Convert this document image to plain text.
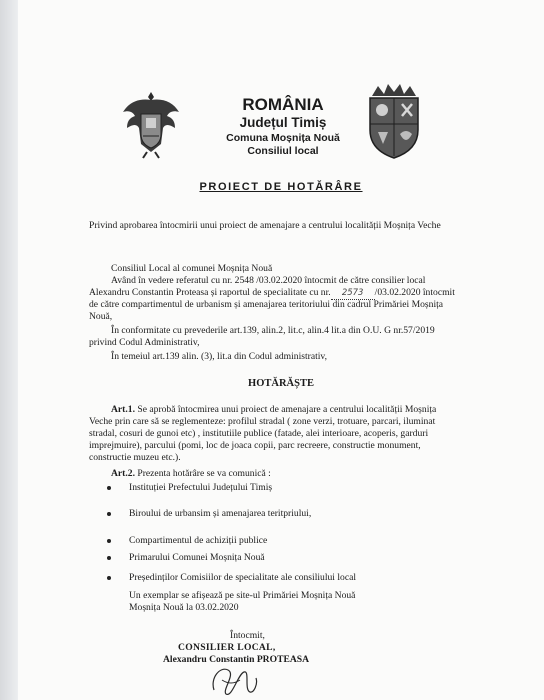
ROMÂNIA
Județul Timiș
Comuna Moșnița Nouă
Consiliul local
PROIECT DE HOTĂRÂRE
Privind aprobarea întocmirii unui proiect de amenajare a centrului localității Moșnița Veche
Consiliul Local al comunei Moșnița Nouă
Având în vedere referatul cu nr. 2548 /03.02.2020 întocmit de către consilier local
Alexandru Constantin Proteasa și raportul de specialitate cu nr. 2573 /03.02.2020 întocmit
de către compartimentul de urbanism și amenajarea teritoriului din cadrul Primăriei Moșnița
Nouă,
În conformitate cu prevederile art.139, alin.2, lit.c, alin.4 lit.a din O.U. G nr.57/2019
privind Codul Administrativ,
În temeiul art.139 alin. (3), lit.a din Codul administrativ,
HOTĂRĂȘTE
Art.1. Se aprobă întocmirea unui proiect de amenajare a centrului localității Moșnița
Veche prin care să se reglementeze: profilul stradal ( zone verzi, trotuare, parcari, iluminat
stradal, cosuri de gunoi etc) , institutiile publice (fatade, alei interioare, acoperis, garduri
imprejmuire), parcului (pomi, loc de joaca copii, parc recreere, constructie monument,
constructie muzeu etc.).
Art.2. Prezenta hotărâre se va comunică :
Instituției Prefectului Județului Timiș
Biroului de urbansim și amenajarea teritpriului,
Compartimentul de achiziții publice
Primarului Comunei Moșnița Nouă
Președinților Comisiilor de specialitate ale consiliului local
Un exemplar se afișează pe site-ul Primăriei Moșnița Nouă
Moșnița Nouă la 03.02.2020
Întocmit,
CONSILIER LOCAL,
Alexandru Constantin PROTEASA
